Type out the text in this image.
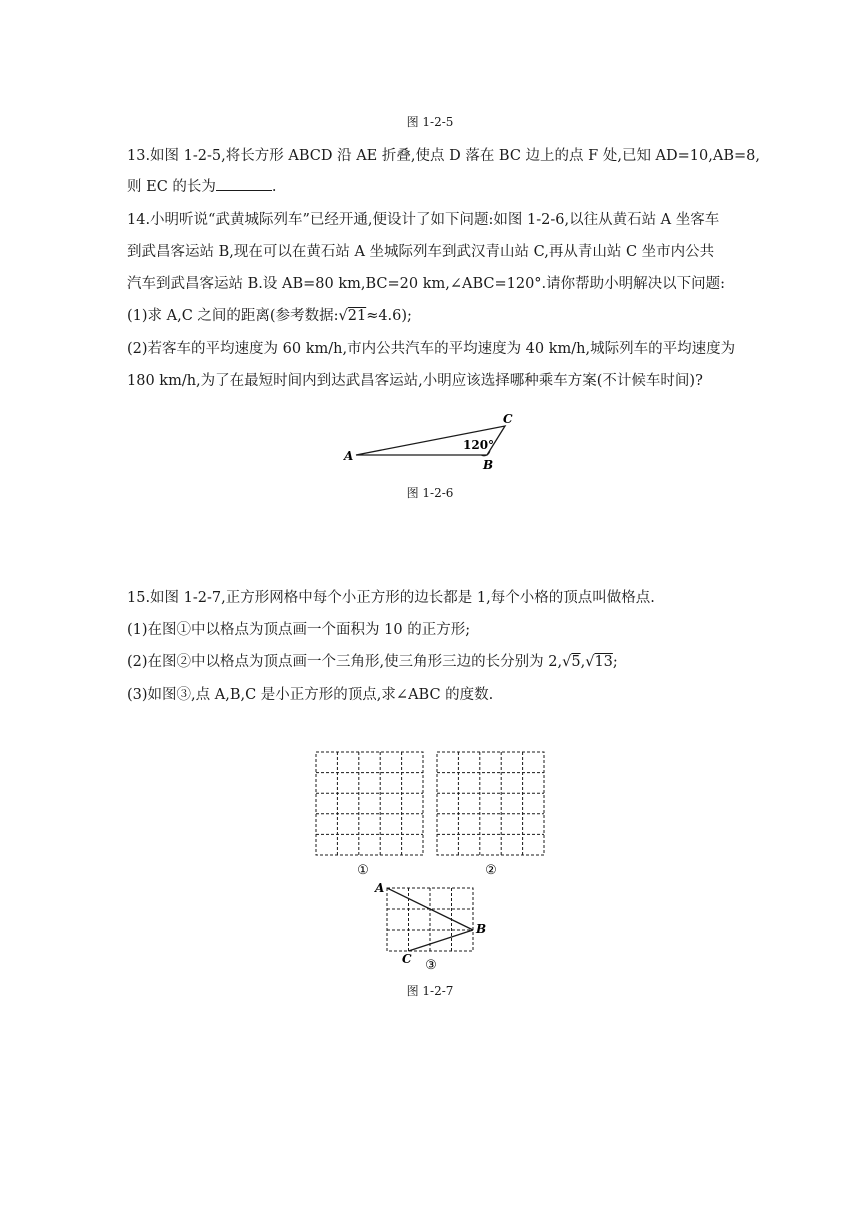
图 1-2-5
13.如图 1-2-5,将长方形 ABCD 沿 AE 折叠,使点 D 落在 BC 边上的点 F 处,已知 AD=10,AB=8,
则 EC 的长为	.
14.小明听说“武黄城际列车”已经开通,便设计了如下问题:如图 1-2-6,以往从黄石站 A 坐客车
到武昌客运站 B,现在可以在黄石站 A 坐城际列车到武汉青山站 C,再从青山站 C 坐市内公共
汽车到武昌客运站 B.设 AB=80 km,BC=20 km,∠ABC=120°.请你帮助小明解决以下问题:
(1)求 A,C 之间的距离(参考数据:√21≈4.6);
(2)若客车的平均速度为 60 km/h,市内公共汽车的平均速度为 40 km/h,城际列车的平均速度为
180 km/h,为了在最短时间内到达武昌客运站,小明应该选择哪种乘车方案(不计候车时间)?
A
B
C
120°
图 1-2-6
15.如图 1-2-7,正方形网格中每个小正方形的边长都是 1,每个小格的顶点叫做格点.
(1)在图①中以格点为顶点画一个面积为 10 的正方形;
(2)在图②中以格点为顶点画一个三角形,使三角形三边的长分别为 2,√5,√13;
(3)如图③,点 A,B,C 是小正方形的顶点,求∠ABC 的度数.
①	②
A
B
C ③
图 1-2-7
